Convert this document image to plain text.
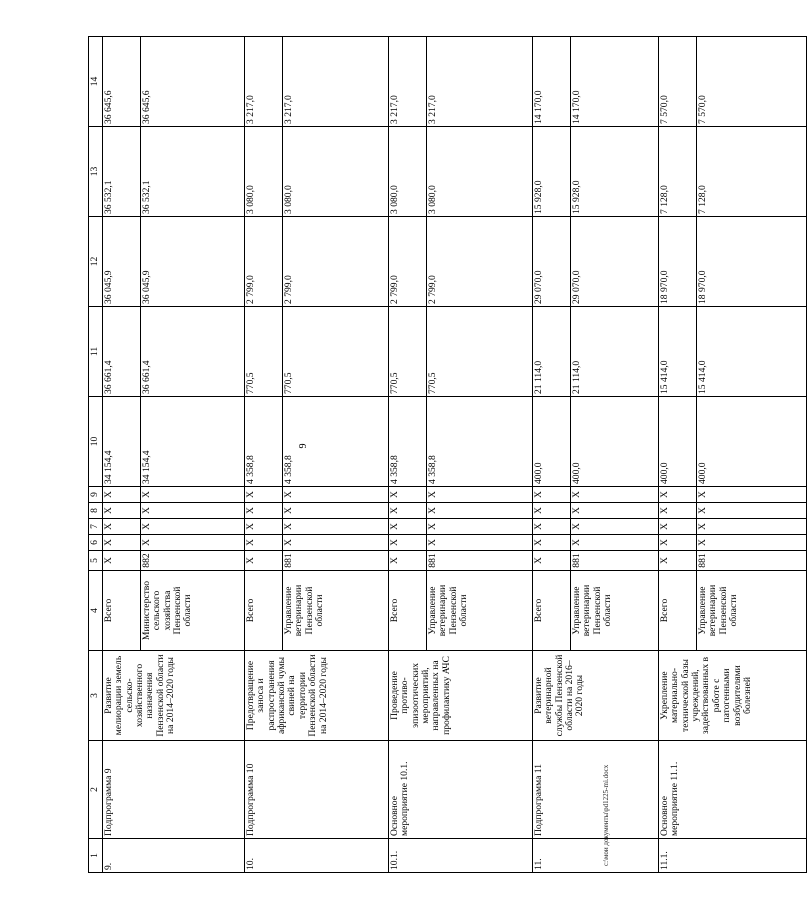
9
c:\мои документы\pd1225-mi.docx
1	2	3	4	5	6	7	8	9	10	11	12	13	14
9.	Подпрограмма 9	Развитие мелиорации земель сельско-хозяйственного назначения Пензенской области на 2014–2020 годы	Всего	Х	Х	Х	Х	Х	34 154,4	36 661,4	36 045,9	36 532,1	36 645,6
			Министерство сельского хозяйства Пензенской области	882	Х	Х	Х	Х	34 154,4	36 661,4	36 045,9	36 532,1	36 645,6
10.	Подпрограмма 10	Предотвращение заноса и распространения африканской чумы свиней на территории Пензенской области на 2014–2020 годы	Всего	Х	Х	Х	Х	Х	4 358,8	770,5	2 799,0	3 080,0	3 217,0
			Управление ветеринарии Пензенской области	881	Х	Х	Х	Х	4 358,8	770,5	2 799,0	3 080,0	3 217,0
10.1.	Основное мероприятие 10.1.	Проведение противо-эпизоотических мероприятий, направленных на профилактику АЧС	Всего	Х	Х	Х	Х	Х	4 358,8	770,5	2 799,0	3 080,0	3 217,0
			Управление ветеринарии Пензенской области	881	Х	Х	Х	Х	4 358,8	770,5	2 799,0	3 080,0	3 217,0
11.	Подпрограмма 11	Развитие ветеринарной службы Пензенской области на 2016–2020 годы	Всего	Х	Х	Х	Х	Х	400,0	21 114,0	29 070,0	15 928,0	14 170,0
			Управление ветеринарии Пензенской области	881	Х	Х	Х	Х	400,0	21 114,0	29 070,0	15 928,0	14 170,0
11.1.	Основное мероприятие 11.1.	Укрепление материально-технической базы учреждений, задействованных в работе с патогенными возбудителями болезней	Всего	Х	Х	Х	Х	Х	400,0	15 414,0	18 970,0	7 128,0	7 570,0
			Управление ветеринарии Пензенской области	881	Х	Х	Х	Х	400,0	15 414,0	18 970,0	7 128,0	7 570,0
